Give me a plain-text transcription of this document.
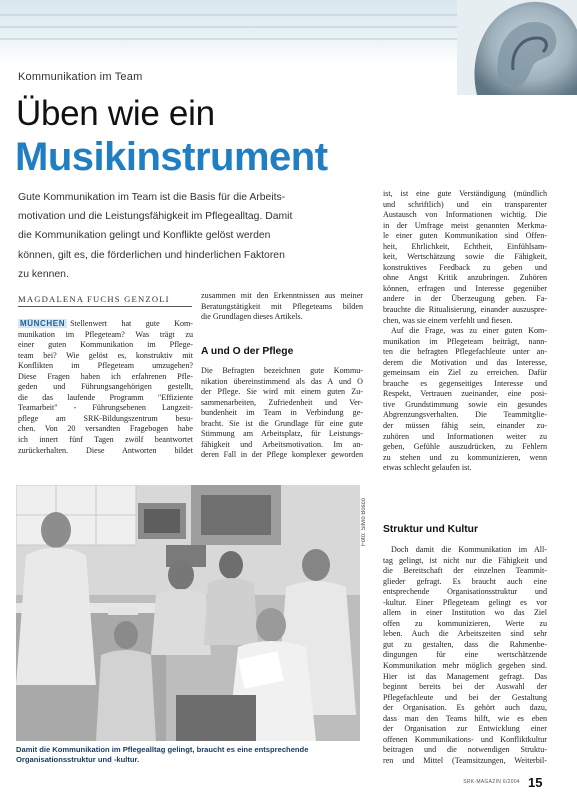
Kommunikation im Team
Üben wie ein
Musikinstrument

Gute Kommunikation im Team ist die Basis für die Arbeits-
motivation und die Leistungsfähigkeit im Pflegealltag. Damit
die Kommunikation gelingt und Konflikte gelöst werden
können, gilt es, die förderlichen und hinderlichen Faktoren
zu kennen.

MAGDALENA FUCHS GENZOLI
MÜNCHEN Stellenwert hat gute Kom-
munikation im Pflegeteam? Was trägt zu
einer guten Kommunikation im Pflege-
team bei? Wie gelöst es, konstruktiv mit
Konflikten im Pflegeteam umzugehen?
Diese Fragen haben ich erfahrenen Pfle-
geden und Führungsangehörigen gestellt,
die das laufende Programm "Effiziente
Teamarbeit" - Führungsebenen Langzeit-
pflege am SRK-Bildungszentrum besu-
chen. Von 20 versandten Fragebogen habe
ich innert fünf Tagen zwölf beantwortet
zurückerhalten. Diese Antworten bildet
zusammen mit den Erkenntnissen aus meiner
Beratungstätigkeit mit Pflegeteams bilden
die Grundlagen dieses Artikels.
A und O der Pflege
Die Befragten bezeichnen gute Kommu-
nikation übereinstimmend als das A und O
der Pflege. Sie wird mit einem guten Zu-
sammenarbeiten, Zufriedenheit und Ver-
bundenheit im Team in Verbindung ge-
bracht. Sie ist die Grundlage für eine gute
Stimmung am Arbeitsplatz, für Leistungs-
fähigkeit und Arbeitsmotivation. Im an-
deren Fall in der Pflege komplexer geworden
ist, ist eine gute Verständigung (mündlich
und schriftlich) und ein transparenter
Austausch von Informationen wichtig. Die
in der Umfrage meist genannten Merkma-
le einer guten Kommunikation sind Offen-
heit, Ehrlichkeit, Echtheit, Einfühlsam-
keit, Wertschätzung sowie die Fähigkeit,
konstruktives Feedback zu geben und
ohne Angst Kritik anzubringen. Zuhören
können, erfragen und Interesse gegenüber
andere in der Überzeugung geben. Fa-
brauchte die Ritualisierung, einander auszuspre-
chen, was sie einem verfehlt und fiesen.
Auf die Frage, was zu einer guten Kom-
munikation im Pflegeteam beiträgt, nann-
ten die befragten Pflegefachleute unter an-
derem die Motivation und das Interesse,
gemeinsam ein Ziel zu erreichen. Dafür
brauche es gegenseitiges Interesse und
Respekt, Vertrauen zueinander, eine posi-
tive Grundstimmung sowie ein gesundes
Abgrenzungsverhalten. Die Teammitglie-
der müssen fähig sein, einander zu-
zuhören und Informationen weiter zu
geben, Gefühle auszudrücken, zu Fehlern
zu stehen und zu kommunizieren, wenn
etwas schlecht gelaufen ist.
Struktur und Kultur
Doch damit die Kommunikation im All-
tag gelingt, ist nicht nur die Fähigkeit und
die Bereitschaft der einzelnen Teammit-
glieder gefragt. Es braucht auch eine
entsprechende Organisationsstruktur und
-kultur. Einer Pflegeteam gelingt es vor
allem in einer Institution wo das Ziel
offen zu kommunizieren, Werte zu
leben. Auch die Arbeitszeiten sind sehr
gut zu gestalten, dass die Rahmenbe-
dingungen für eine wertschätzende
Kommunikation mehr möglich gegeben sind.
Hier ist das Management gefragt. Das
beginnt bereits bei der Auswahl der
Pflegefachleute und bei der Gestaltung
der Organisation. Es gehört auch dazu,
dass man den Teams hilft, wie es eben
der Organisation zur Entwicklung einer
offenen Kommunikations- und Konfliktkultur
beitragen und die notwendigen Struktu-
ren und Mittel (Teamsitzungen, Weiterbil-
Foto: Silvio Bosco
Damit die Kommunikation im Pflegealltag gelingt, braucht es eine entsprechende Organisationsstruktur und -kultur.
SRK-MAGAZIN 6/2004 15
